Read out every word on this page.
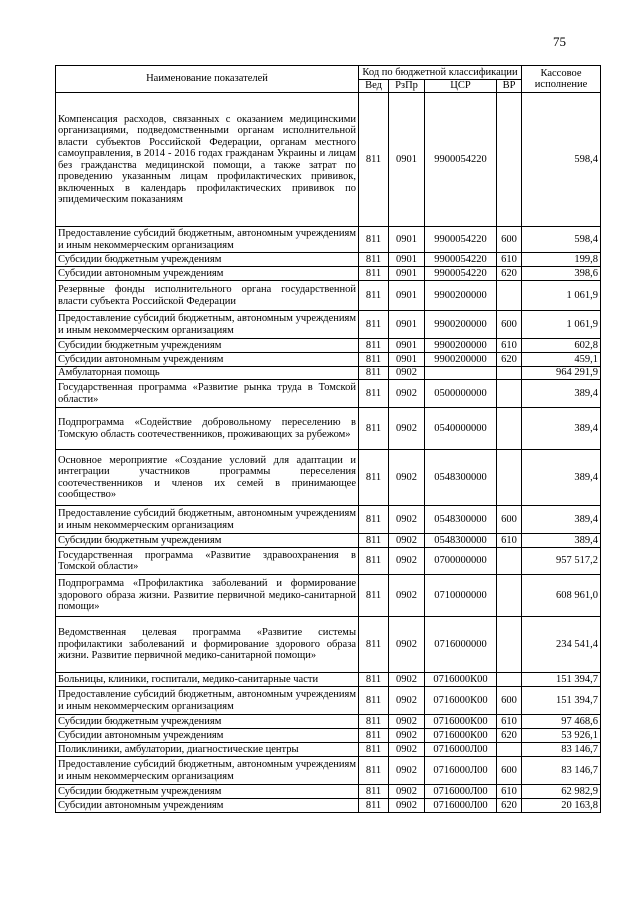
75
Наименование показателей	Код по бюджетной классификации				Кассовое исполнение
	Вед	РзПр	ЦСР	ВР	
Компенсация расходов, связанных с оказанием медицинскими организациями, подведомственными органам исполнительной власти субъектов Российской Федерации, органам местного самоуправления, в 2014 - 2016 годах гражданам Украины и лицам без гражданства медицинской помощи, а также затрат по проведению указанным лицам профилактических прививок, включенных в календарь профилактических прививок по эпидемическим показаниям	811	0901	9900054220		598,4
Предоставление субсидий бюджетным, автономным учреждениям и иным некоммерческим организациям	811	0901	9900054220	600	598,4
Субсидии бюджетным учреждениям	811	0901	9900054220	610	199,8
Субсидии автономным учреждениям	811	0901	9900054220	620	398,6
Резервные фонды исполнительного органа государственной власти субъекта Российской Федерации	811	0901	9900200000		1 061,9
Предоставление субсидий бюджетным, автономным учреждениям и иным некоммерческим организациям	811	0901	9900200000	600	1 061,9
Субсидии бюджетным учреждениям	811	0901	9900200000	610	602,8
Субсидии автономным учреждениям	811	0901	9900200000	620	459,1
Амбулаторная помощь	811	0902			964 291,9
Государственная программа «Развитие рынка труда в Томской области»	811	0902	0500000000		389,4
Подпрограмма «Содействие добровольному переселению в Томскую область соотечественников, проживающих за рубежом»	811	0902	0540000000		389,4
Основное мероприятие «Создание условий для адаптации и интеграции участников программы переселения соотечественников и членов их семей в принимающее сообщество»	811	0902	0548300000		389,4
Предоставление субсидий бюджетным, автономным учреждениям и иным некоммерческим организациям	811	0902	0548300000	600	389,4
Субсидии бюджетным учреждениям	811	0902	0548300000	610	389,4
Государственная программа «Развитие здравоохранения в Томской области»	811	0902	0700000000		957 517,2
Подпрограмма «Профилактика заболеваний и формирование здорового образа жизни. Развитие первичной медико-санитарной помощи»	811	0902	0710000000		608 961,0
Ведомственная целевая программа «Развитие системы профилактики заболеваний и формирование здорового образа жизни. Развитие первичной медико-санитарной помощи»	811	0902	0716000000		234 541,4
Больницы, клиники, госпитали, медико-санитарные части	811	0902	0716000К00		151 394,7
Предоставление субсидий бюджетным, автономным учреждениям и иным некоммерческим организациям	811	0902	0716000К00	600	151 394,7
Субсидии бюджетным учреждениям	811	0902	0716000К00	610	97 468,6
Субсидии автономным учреждениям	811	0902	0716000К00	620	53 926,1
Поликлиники, амбулатории, диагностические центры	811	0902	0716000Л00		83 146,7
Предоставление субсидий бюджетным, автономным учреждениям и иным некоммерческим организациям	811	0902	0716000Л00	600	83 146,7
Субсидии бюджетным учреждениям	811	0902	0716000Л00	610	62 982,9
Субсидии автономным учреждениям	811	0902	0716000Л00	620	20 163,8
